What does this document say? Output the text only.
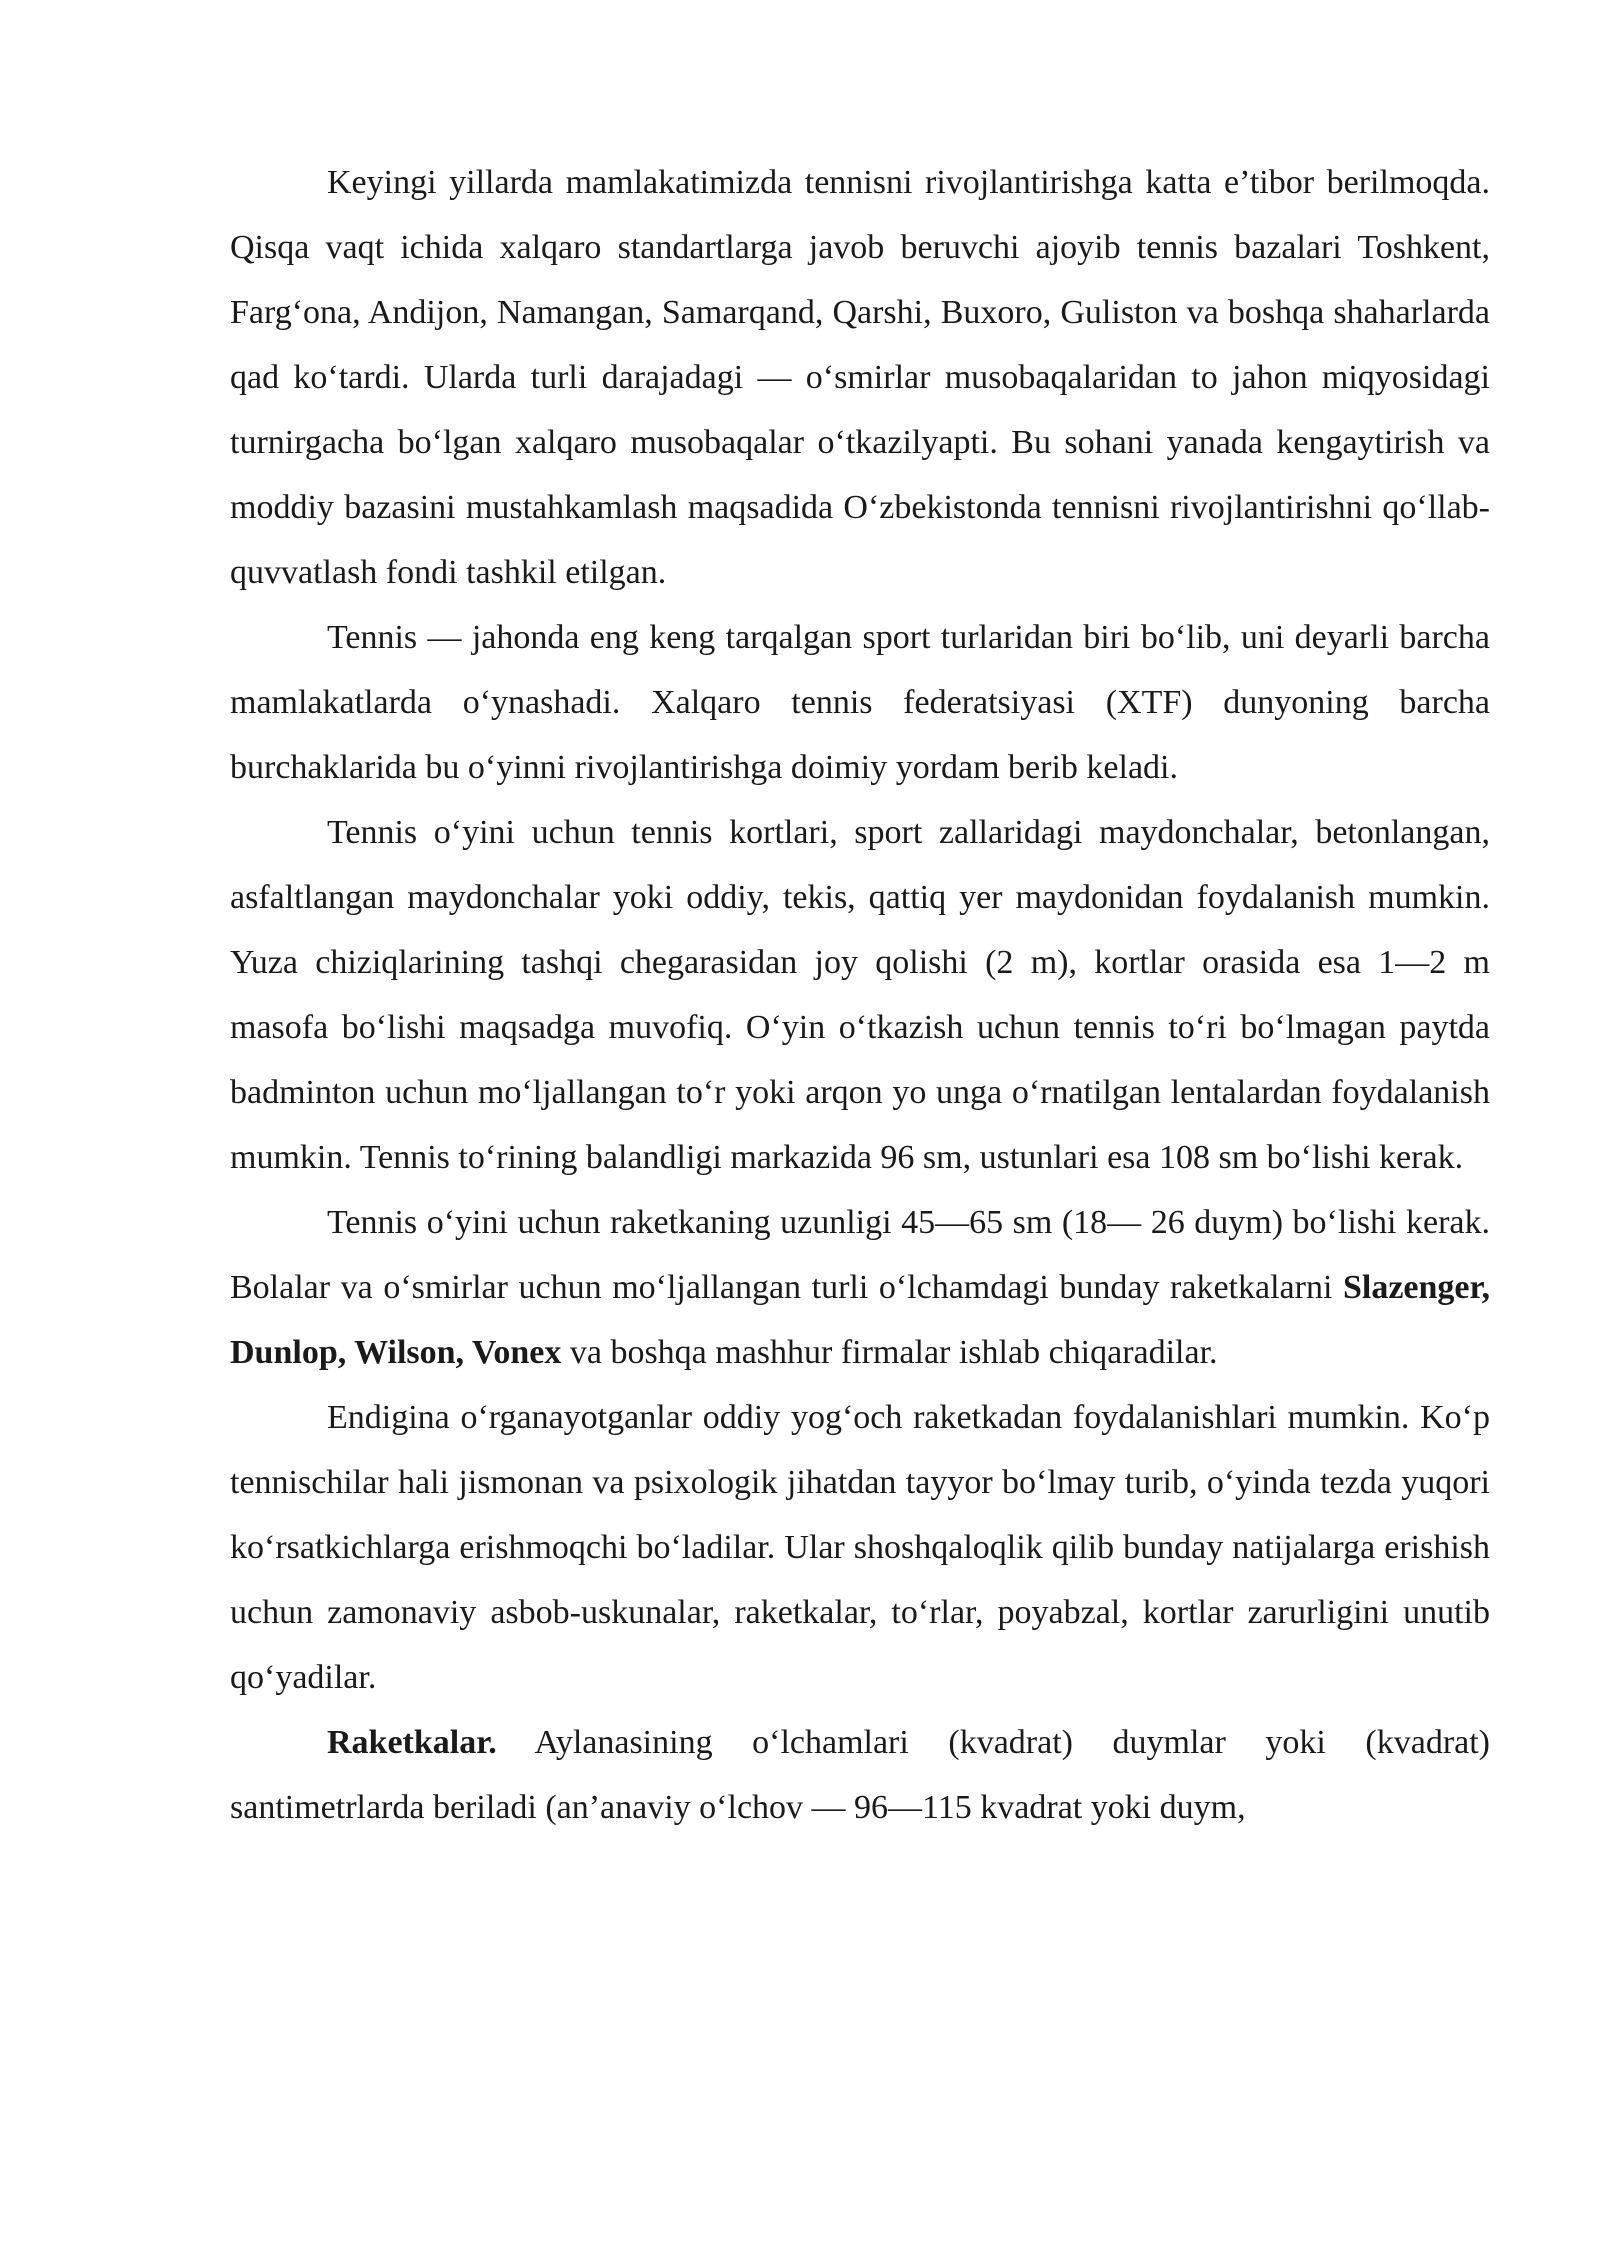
Keyingi yillarda mamlakatimizda tennisni rivojlantirishga katta e’tibor berilmoqda. Qisqa vaqt ichida xalqaro standartlarga javob beruvchi ajoyib tennis bazalari Toshkent, Farg‘ona, Andijon, Namangan, Samarqand, Qarshi, Buxoro, Guliston va boshqa shaharlarda qad ko‘tardi. Ularda turli darajadagi — o‘smirlar musobaqalaridan to jahon miqyosidagi turnirgacha bo‘lgan xalqaro musobaqalar o‘tkazilyapti. Bu sohani yanada kengaytirish va moddiy bazasini mustahkamlash maqsadida O‘zbekistonda tennisni rivojlantirishni qo‘llab-quvvatlash fondi tashkil etilgan.

Tennis — jahonda eng keng tarqalgan sport turlaridan biri bo‘lib, uni deyarli barcha mamlakatlarda o‘ynashadi. Xalqaro tennis federatsiyasi (XTF) dunyoning barcha burchaklarida bu o‘yinni rivojlantirishga doimiy yordam berib keladi.

Tennis o‘yini uchun tennis kortlari, sport zallaridagi maydonchalar, betonlangan, asfaltlangan maydonchalar yoki oddiy, tekis, qattiq yer maydonidan foydalanish mumkin. Yuza chiziqlarining tashqi chegarasidan joy qolishi (2 m), kortlar orasida esa 1—2 m masofa bo‘lishi maqsadga muvofiq. O‘yin o‘tkazish uchun tennis to‘ri bo‘lmagan paytda badminton uchun mo‘ljallangan to‘r yoki arqon yo unga o‘rnatilgan lentalardan foydalanish mumkin. Tennis to‘rining balandligi markazida 96 sm, ustunlari esa 108 sm bo‘lishi kerak.

Tennis o‘yini uchun raketkaning uzunligi 45—65 sm (18— 26 duym) bo‘lishi kerak. Bolalar va o‘smirlar uchun mo‘ljallangan turli o‘lchamdagi bunday raketkalarni Slazenger, Dunlop, Wilson, Vonex va boshqa mashhur firmalar ishlab chiqaradilar.

Endigina o‘rganayotganlar oddiy yog‘och raketkadan foydalanishlari mumkin. Ko‘p tennischilar hali jismonan va psixologik jihatdan tayyor bo‘lmay turib, o‘yinda tezda yuqori ko‘rsatkichlarga erishmoqchi bo‘ladilar. Ular shoshqaloqlik qilib bunday natijalarga erishish uchun zamonaviy asbob-uskunalar, raketkalar, to‘rlar, poyabzal, kortlar zarurligini unutib qo‘yadilar.

Raketkalar. Aylanasining o‘lchamlari (kvadrat) duymlar yoki (kvadrat) santimetrlarda beriladi (an’anaviy o‘lchov — 96—115 kvadrat yoki duym,
